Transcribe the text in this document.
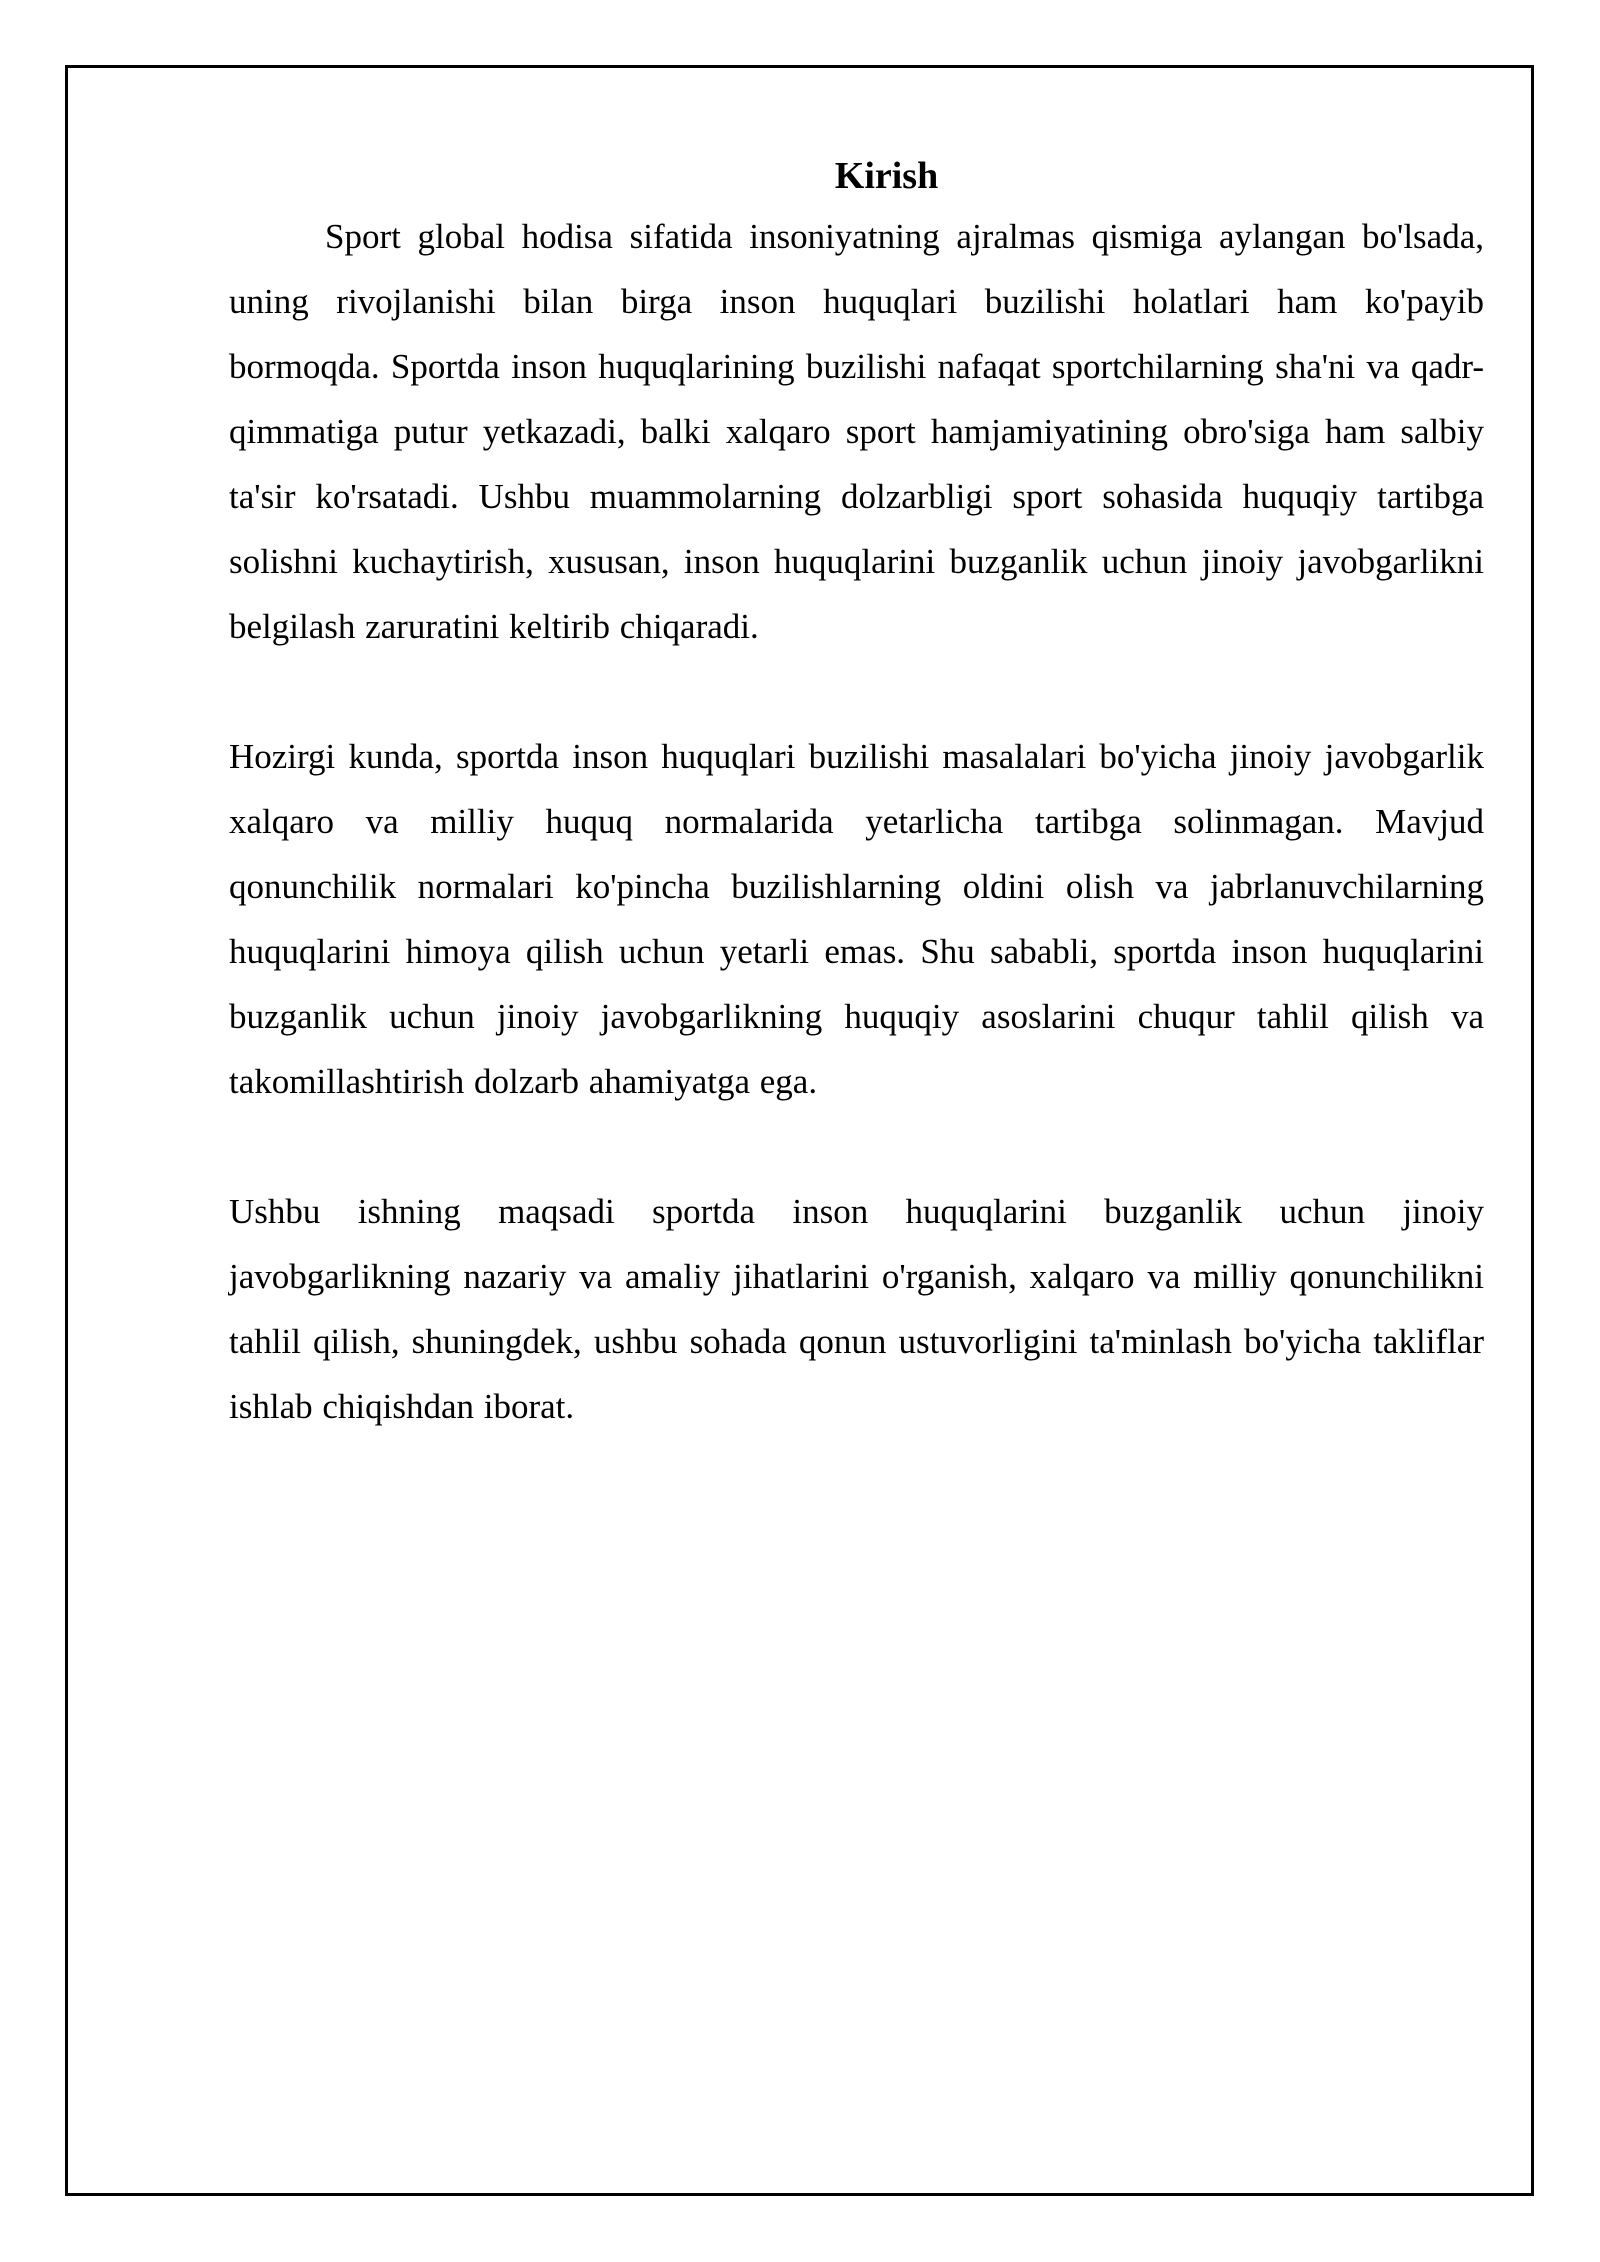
Kirish

Sport global hodisa sifatida insoniyatning ajralmas qismiga aylangan bo'lsada, uning rivojlanishi bilan birga inson huquqlari buzilishi holatlari ham ko'payib bormoqda. Sportda inson huquqlarining buzilishi nafaqat sportchilarning sha'ni va qadr-qimmatiga putur yetkazadi, balki xalqaro sport hamjamiyatining obro'siga ham salbiy ta'sir ko'rsatadi. Ushbu muammolarning dolzarbligi sport sohasida huquqiy tartibga solishni kuchaytirish, xususan, inson huquqlarini buzganlik uchun jinoiy javobgarlikni belgilash zaruratini keltirib chiqaradi.

Hozirgi kunda, sportda inson huquqlari buzilishi masalalari bo'yicha jinoiy javobgarlik xalqaro va milliy huquq normalarida yetarlicha tartibga solinmagan. Mavjud qonunchilik normalari ko'pincha buzilishlarning oldini olish va jabrlanuvchilarning huquqlarini himoya qilish uchun yetarli emas. Shu sababli, sportda inson huquqlarini buzganlik uchun jinoiy javobgarlikning huquqiy asoslarini chuqur tahlil qilish va takomillashtirish dolzarb ahamiyatga ega.

Ushbu ishning maqsadi sportda inson huquqlarini buzganlik uchun jinoiy javobgarlikning nazariy va amaliy jihatlarini o'rganish, xalqaro va milliy qonunchilikni tahlil qilish, shuningdek, ushbu sohada qonun ustuvorligini ta'minlash bo'yicha takliflar ishlab chiqishdan iborat.
